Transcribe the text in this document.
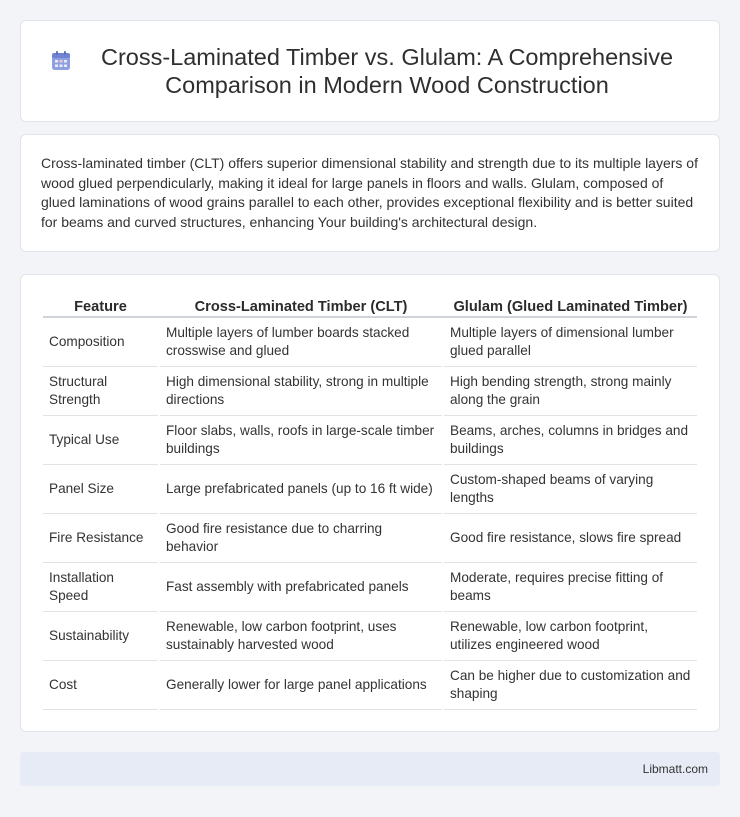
Cross-Laminated Timber vs. Glulam: A Comprehensive Comparison in Modern Wood Construction

Cross-laminated timber (CLT) offers superior dimensional stability and strength due to its multiple layers of wood glued perpendicularly, making it ideal for large panels in floors and walls. Glulam, composed of glued laminations of wood grains parallel to each other, provides exceptional flexibility and is better suited for beams and curved structures, enhancing Your building's architectural design.

Feature	Cross-Laminated Timber (CLT)	Glulam (Glued Laminated Timber)
Composition	Multiple layers of lumber boards stacked crosswise and glued	Multiple layers of dimensional lumber glued parallel
Structural Strength	High dimensional stability, strong in multiple directions	High bending strength, strong mainly along the grain
Typical Use	Floor slabs, walls, roofs in large-scale timber buildings	Beams, arches, columns in bridges and buildings
Panel Size	Large prefabricated panels (up to 16 ft wide)	Custom-shaped beams of varying lengths
Fire Resistance	Good fire resistance due to charring behavior	Good fire resistance, slows fire spread
Installation Speed	Fast assembly with prefabricated panels	Moderate, requires precise fitting of beams
Sustainability	Renewable, low carbon footprint, uses sustainably harvested wood	Renewable, low carbon footprint, utilizes engineered wood
Cost	Generally lower for large panel applications	Can be higher due to customization and shaping
Libmatt.com
